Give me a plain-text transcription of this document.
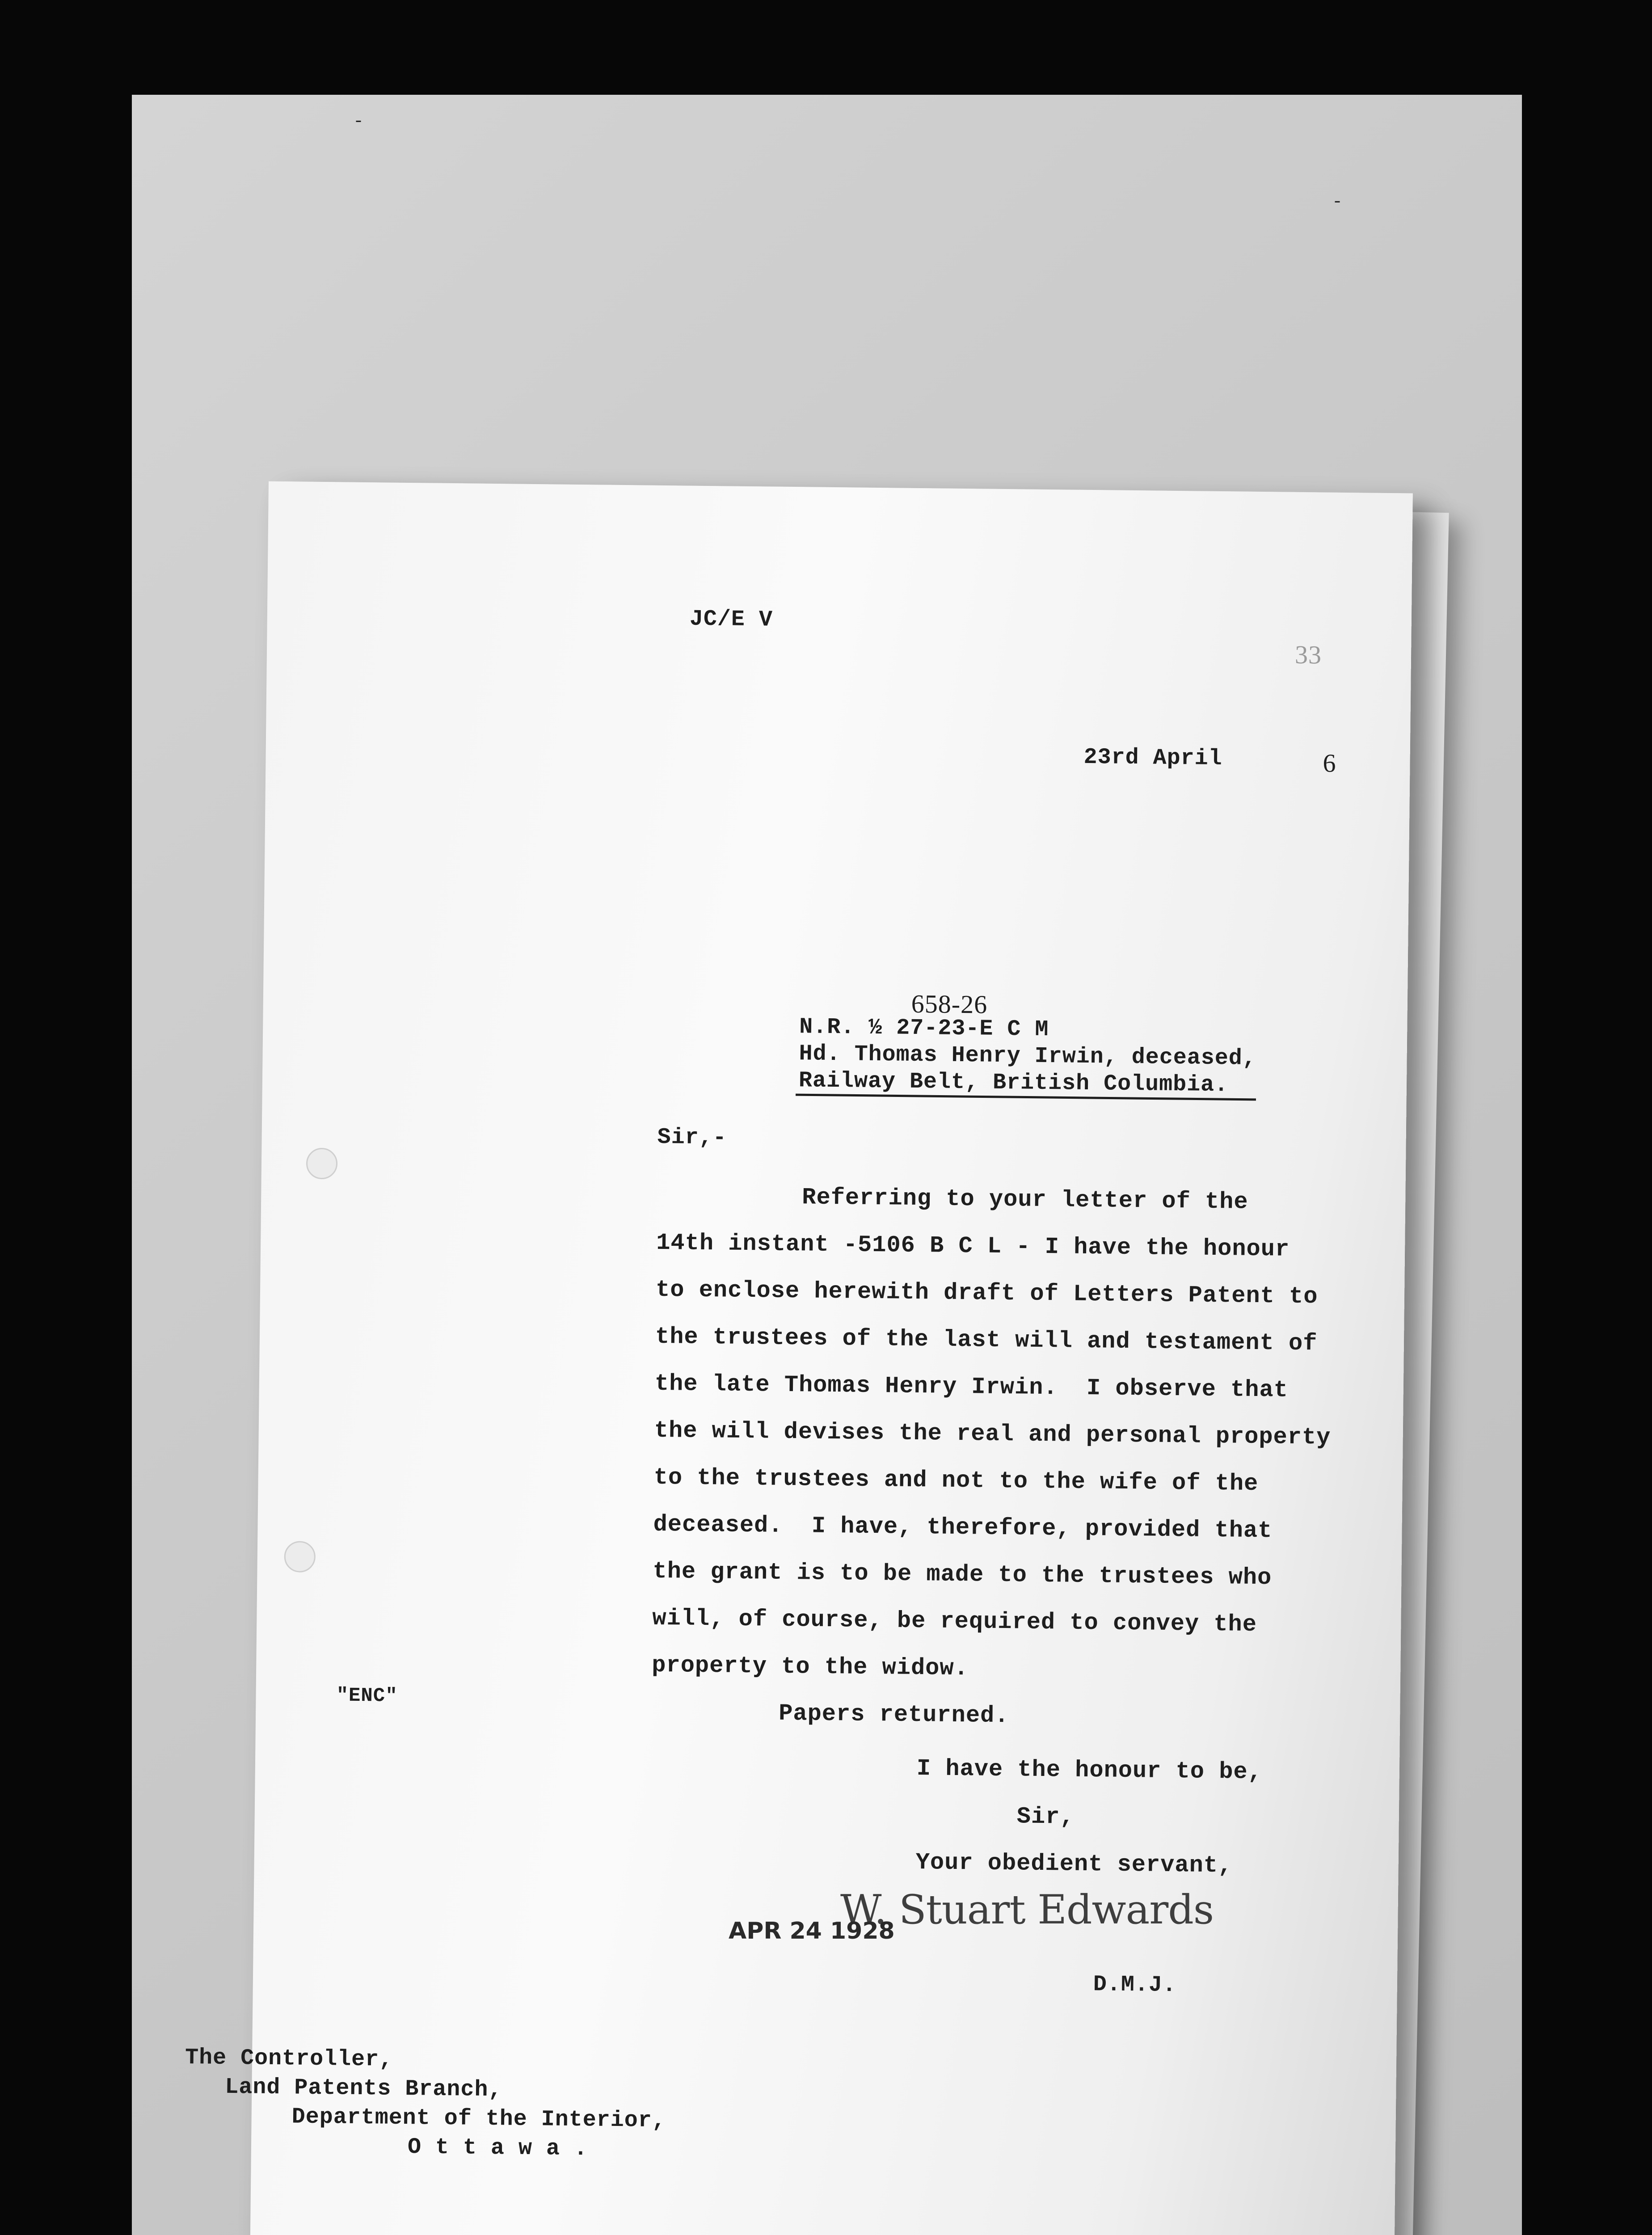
JC/E V
33
23rd April	6
658-26
N.R. ½ 27-23-E C M
Hd. Thomas Henry Irwin, deceased,
Railway Belt, British Columbia.
Sir,-
Referring to your letter of the
14th instant -5106 B C L - I have the honour
to enclose herewith draft of Letters Patent to
the trustees of the last will and testament of
the late Thomas Henry Irwin.  I observe that
the will devises the real and personal property
to the trustees and not to the wife of the
deceased.  I have, therefore, provided that
the grant is to be made to the trustees who
will, of course, be required to convey the
property to the widow.
"ENC"
Papers returned.
I have the honour to be,
Sir,
Your obedient servant,
D.M.J.
The Controller,
Land Patents Branch,
Department of the Interior,
O t t a w a .
W. Stuart Edwards
APR 24 1928
-
-
